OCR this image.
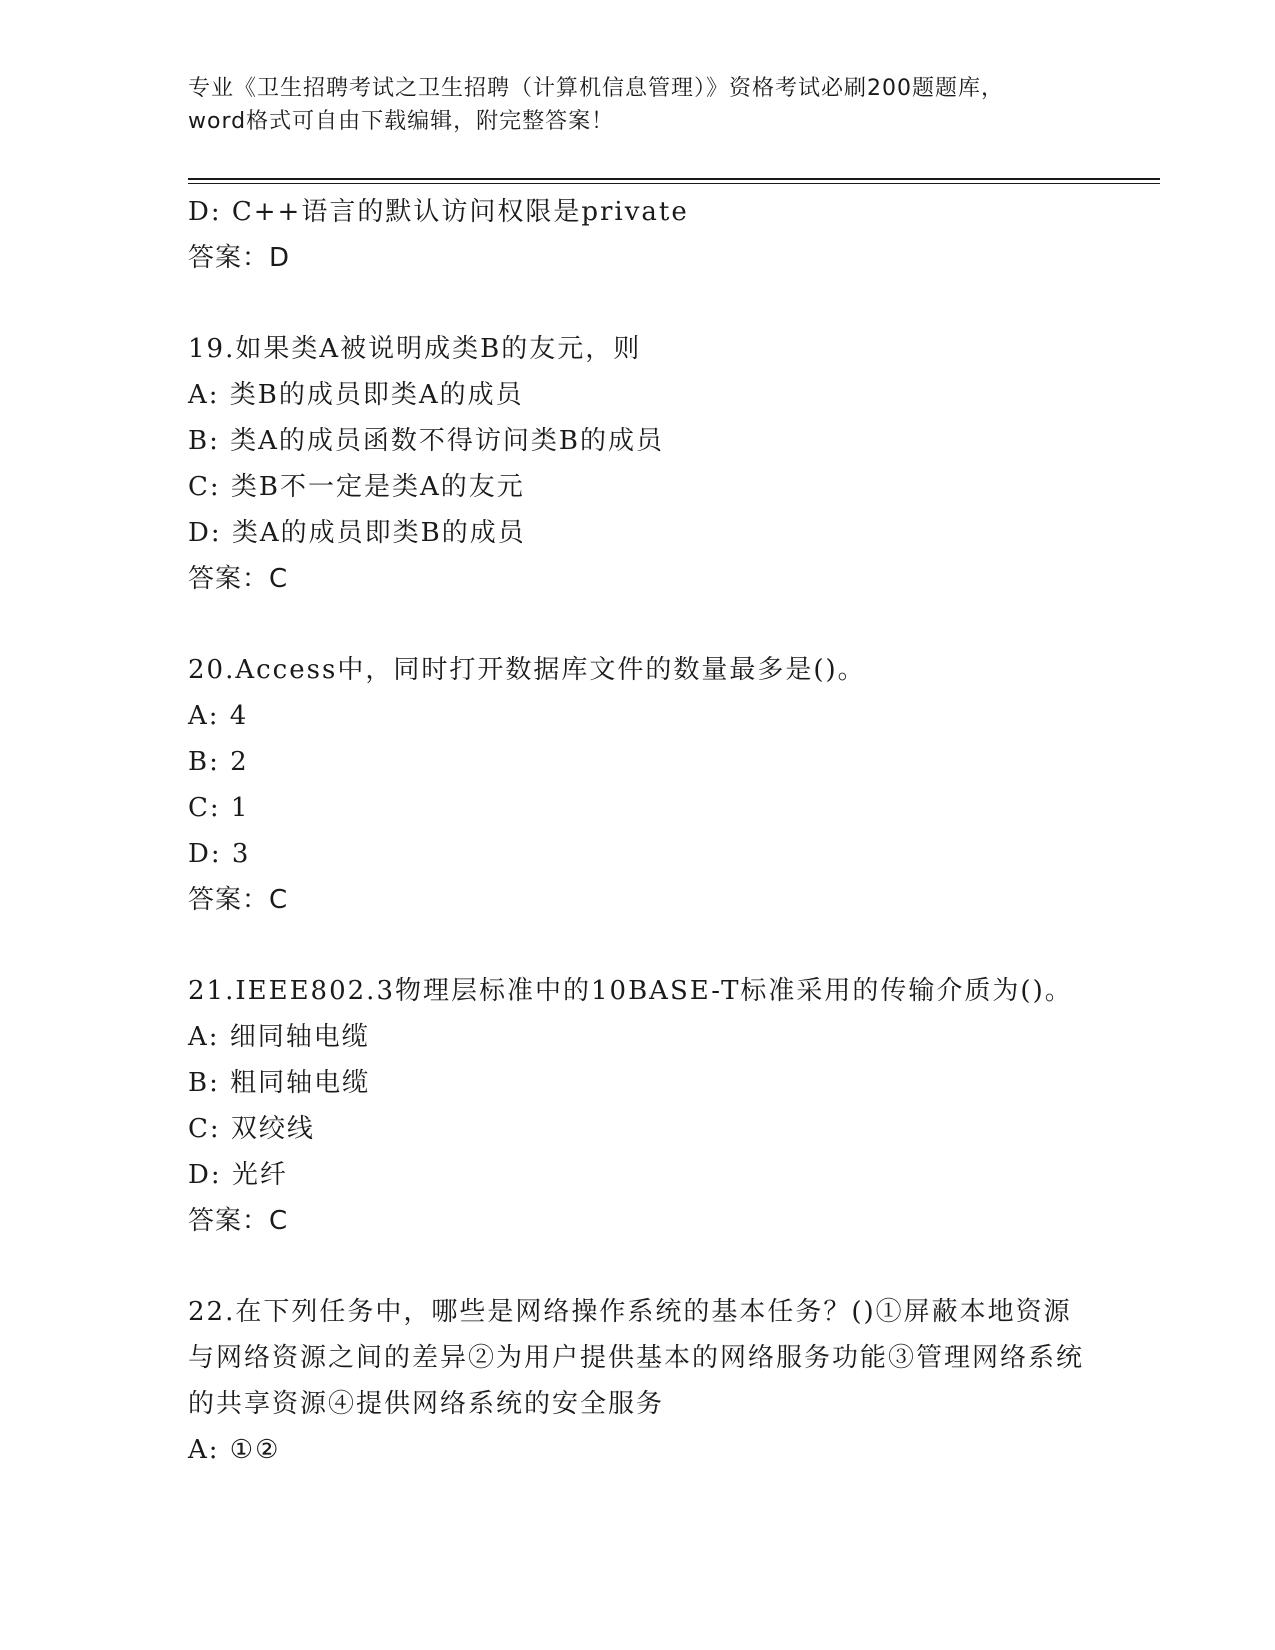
专业《卫生招聘考试之卫生招聘（计算机信息管理）》资格考试必刷200题题库，
word格式可自由下载编辑，附完整答案！
D: C++语言的默认访问权限是private
答案：D
19.如果类A被说明成类B的友元，则
A: 类B的成员即类A的成员
B: 类A的成员函数不得访问类B的成员
C: 类B不一定是类A的友元
D: 类A的成员即类B的成员
答案：C
20.Access中，同时打开数据库文件的数量最多是()。
A: 4
B: 2
C: 1
D: 3
答案：C
21.IEEE802.3物理层标准中的10BASE-T标准采用的传输介质为()。
A: 细同轴电缆
B: 粗同轴电缆
C: 双绞线
D: 光纤
答案：C
22.在下列任务中，哪些是网络操作系统的基本任务？()①屏蔽本地资源与网络资源之间的差异②为用户提供基本的网络服务功能③管理网络系统的共享资源④提供网络系统的安全服务
A: ①②
